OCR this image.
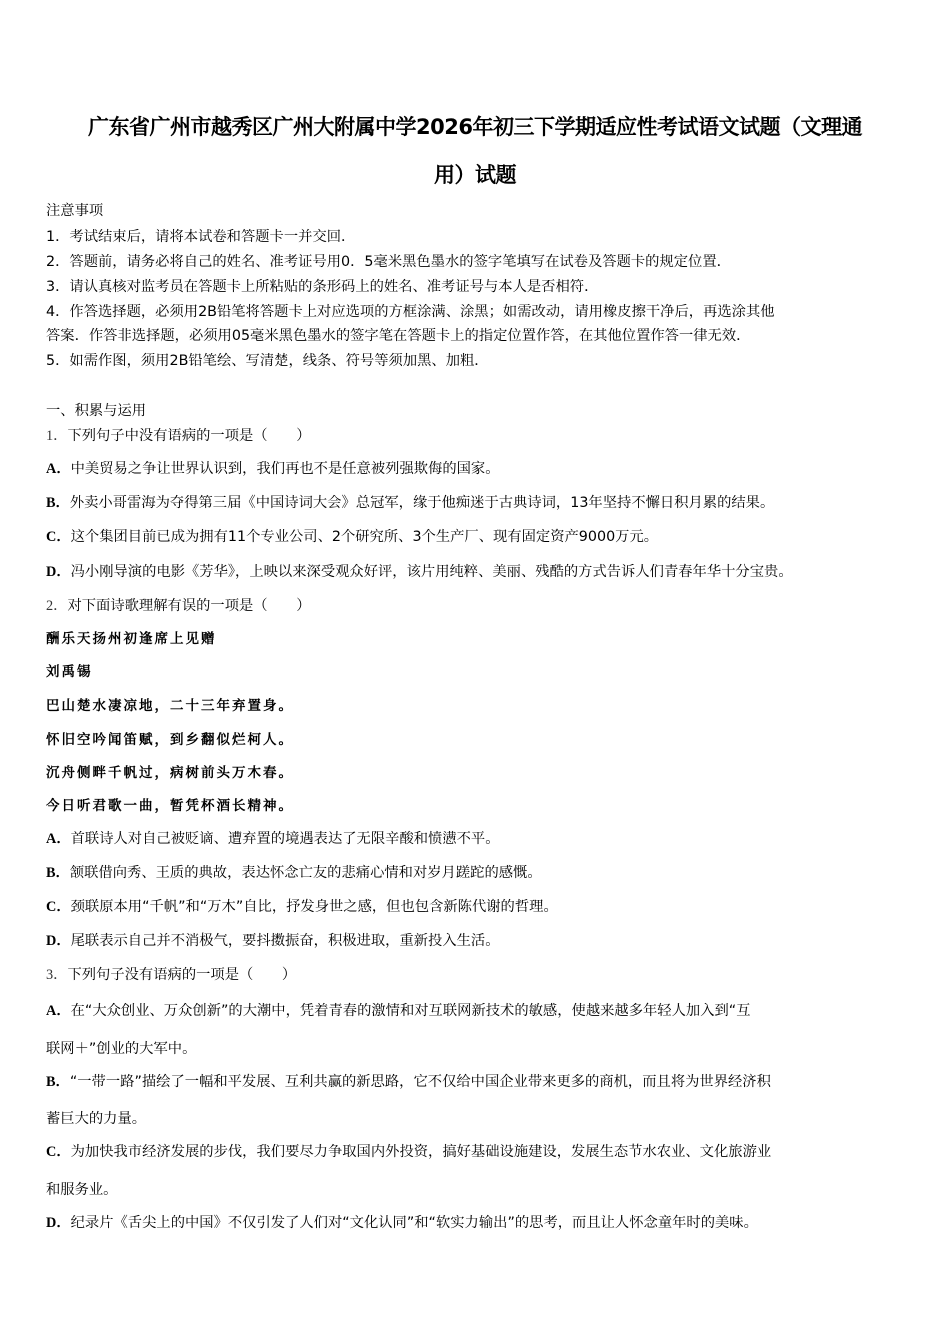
广东省广州市越秀区广州大附属中学2026年初三下学期适应性考试语文试题（文理通
用）试题
注意事项
1．考试结束后，请将本试卷和答题卡一并交回．
2．答题前，请务必将自己的姓名、准考证号用0．5毫米黑色墨水的签字笔填写在试卷及答题卡的规定位置．
3．请认真核对监考员在答题卡上所粘贴的条形码上的姓名、准考证号与本人是否相符．
4．作答选择题，必须用2B铅笔将答题卡上对应选项的方框涂满、涂黑；如需改动，请用橡皮擦干净后，再选涂其他
答案．作答非选择题，必须用05毫米黑色墨水的签字笔在答题卡上的指定位置作答，在其他位置作答一律无效．
5．如需作图，须用2B铅笔绘、写清楚，线条、符号等须加黑、加粗．
一、积累与运用
1．下列句子中没有语病的一项是（　　）
A．中美贸易之争让世界认识到，我们再也不是任意被列强欺侮的国家。
B．外卖小哥雷海为夺得第三届《中国诗词大会》总冠军，缘于他痴迷于古典诗词，13年坚持不懈日积月累的结果。
C．这个集团目前已成为拥有11个专业公司、2个研究所、3个生产厂、现有固定资产9000万元。
D．冯小刚导演的电影《芳华》，上映以来深受观众好评，该片用纯粹、美丽、残酷的方式告诉人们青春年华十分宝贵。
2．对下面诗歌理解有误的一项是（　　）
酬乐天扬州初逢席上见赠
刘禹锡
巴山楚水凄凉地，二十三年弃置身。
怀旧空吟闻笛赋，到乡翻似烂柯人。
沉舟侧畔千帆过，病树前头万木春。
今日听君歌一曲，暂凭杯酒长精神。
A．首联诗人对自己被贬谪、遭弃置的境遇表达了无限辛酸和愤懑不平。
B．颔联借向秀、王质的典故，表达怀念亡友的悲痛心情和对岁月蹉跎的感慨。
C．颈联原本用“千帆”和“万木”自比，抒发身世之感，但也包含新陈代谢的哲理。
D．尾联表示自己并不消极气，要抖擞振奋，积极进取，重新投入生活。
3．下列句子没有语病的一项是（　　）
A．在“大众创业、万众创新”的大潮中，凭着青春的激情和对互联网新技术的敏感，使越来越多年轻人加入到“互
联网＋”创业的大军中。
B．“一带一路”描绘了一幅和平发展、互利共赢的新思路，它不仅给中国企业带来更多的商机，而且将为世界经济积
蓄巨大的力量。
C．为加快我市经济发展的步伐，我们要尽力争取国内外投资，搞好基础设施建设，发展生态节水农业、文化旅游业
和服务业。
D．纪录片《舌尖上的中国》不仅引发了人们对“文化认同”和“软实力输出”的思考，而且让人怀念童年时的美味。
